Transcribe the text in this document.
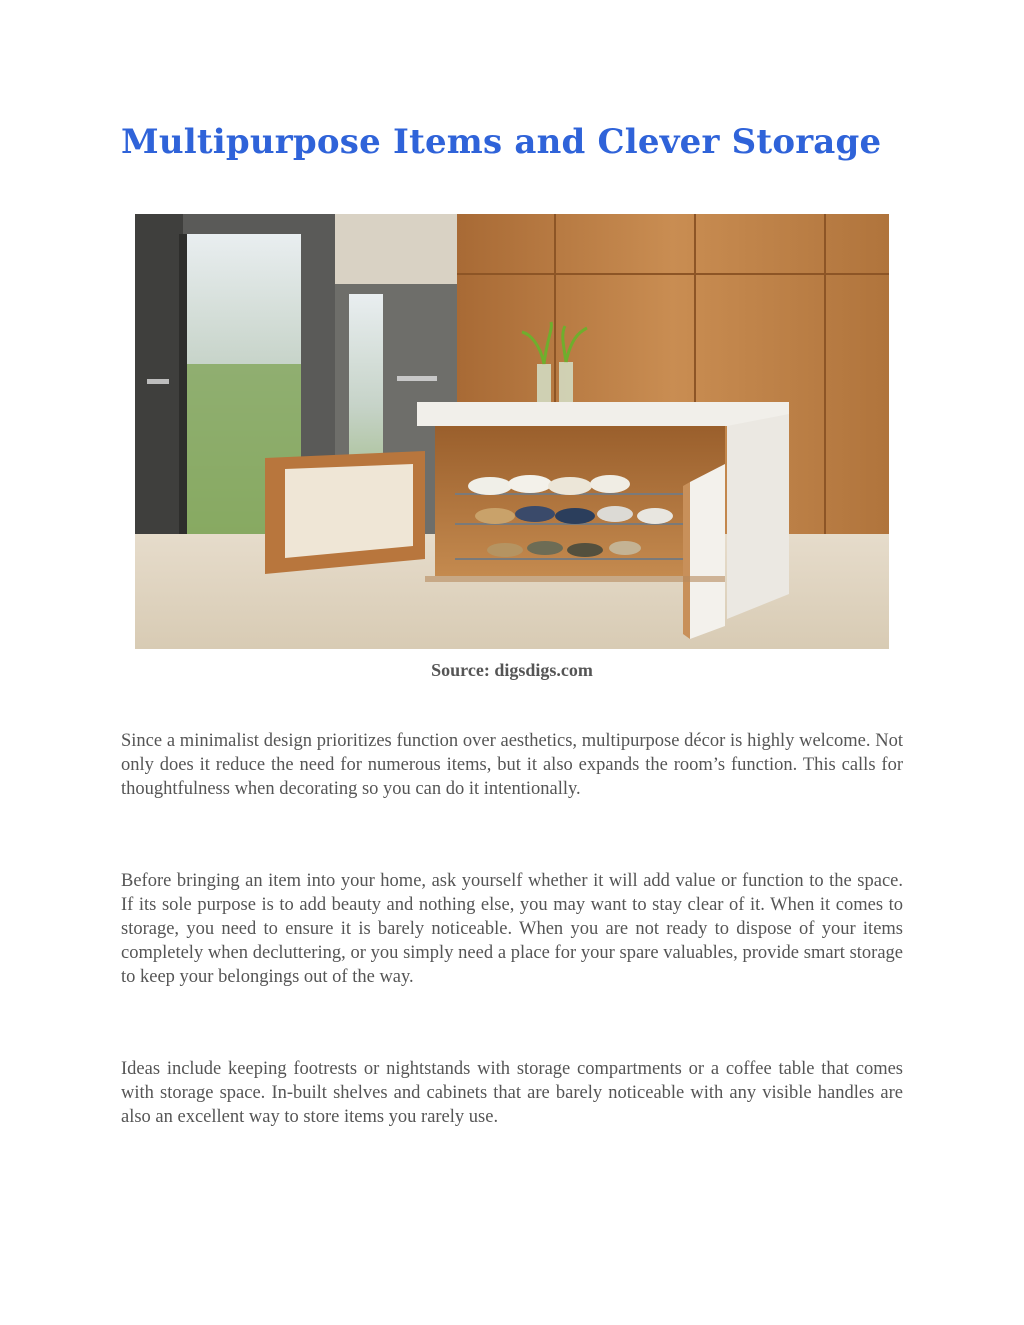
Multipurpose Items and Clever Storage
Source: digsdigs.com

Since a minimalist design prioritizes function over aesthetics, multipurpose décor is highly welcome. Not only does it reduce the need for numerous items, but it also expands the room’s function. This calls for thoughtfulness when decorating so you can do it intentionally.

Before bringing an item into your home, ask yourself whether it will add value or function to the space. If its sole purpose is to add beauty and nothing else, you may want to stay clear of it. When it comes to storage, you need to ensure it is barely noticeable. When you are not ready to dispose of your items completely when decluttering, or you simply need a place for your spare valuables, provide smart storage to keep your belongings out of the way.

Ideas include keeping footrests or nightstands with storage compartments or a coffee table that comes with storage space. In-built shelves and cabinets that are barely noticeable with any visible handles are also an excellent way to store items you rarely use.
